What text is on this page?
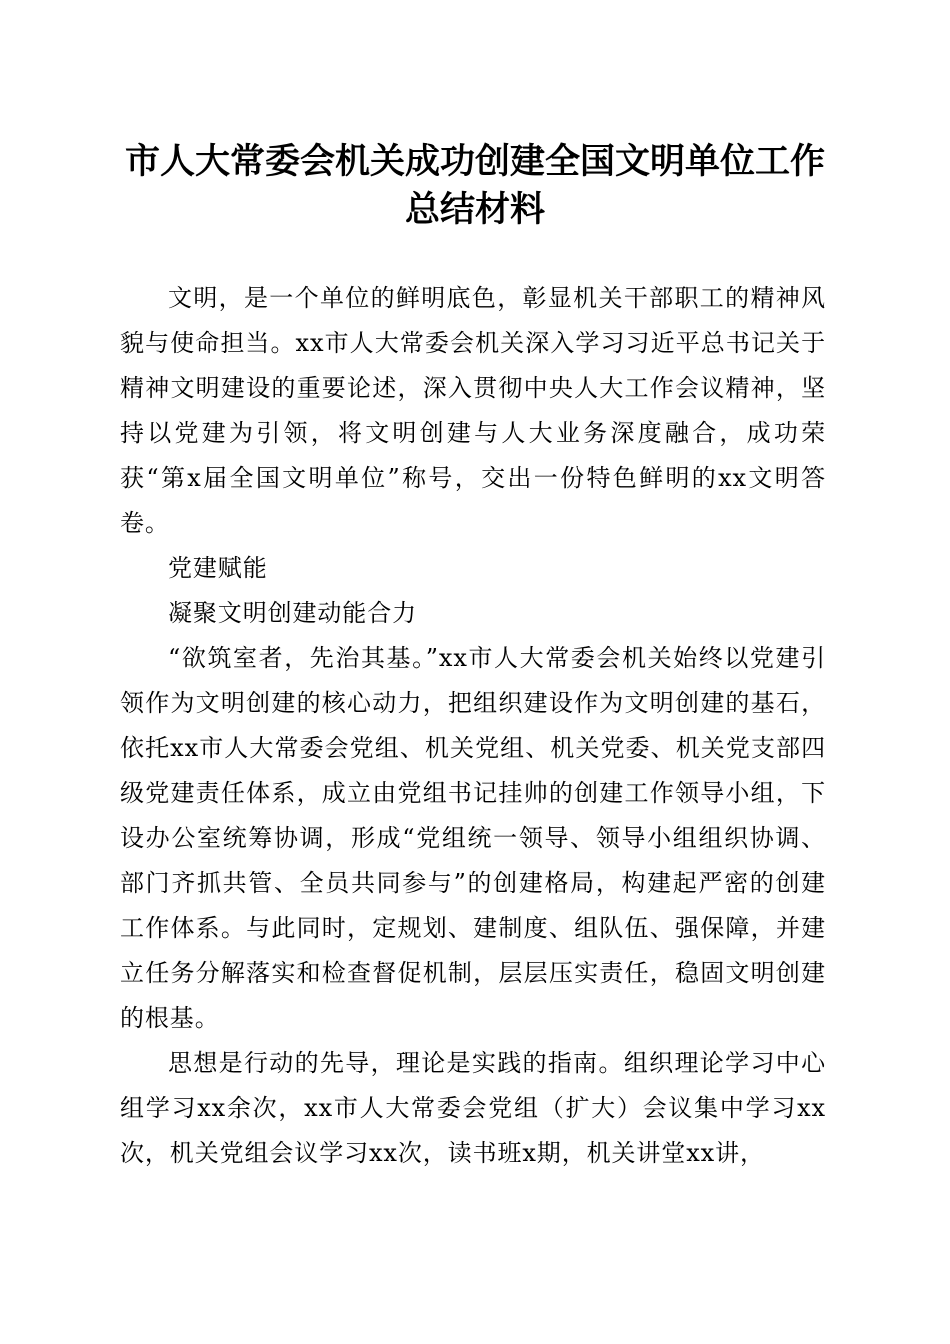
市人大常委会机关成功创建全国文明单位工作
总结材料

文明，是一个单位的鲜明底色，彰显机关干部职工的精神风貌与使命担当。xx市人大常委会机关深入学习习近平总书记关于精神文明建设的重要论述，深入贯彻中央人大工作会议精神，坚持以党建为引领，将文明创建与人大业务深度融合，成功荣获“第x届全国文明单位”称号，交出一份特色鲜明的xx文明答卷。

党建赋能

凝聚文明创建动能合力

“欲筑室者，先治其基。”xx市人大常委会机关始终以党建引领作为文明创建的核心动力，把组织建设作为文明创建的基石，依托xx市人大常委会党组、机关党组、机关党委、机关党支部四级党建责任体系，成立由党组书记挂帅的创建工作领导小组，下设办公室统筹协调，形成“党组统一领导、领导小组组织协调、部门齐抓共管、全员共同参与”的创建格局，构建起严密的创建工作体系。与此同时，定规划、建制度、组队伍、强保障，并建立任务分解落实和检查督促机制，层层压实责任，稳固文明创建的根基。

思想是行动的先导，理论是实践的指南。组织理论学习中心组学习xx余次，xx市人大常委会党组（扩大）会议集中学习xx次，机关党组会议学习xx次，读书班x期，机关讲堂xx讲，
